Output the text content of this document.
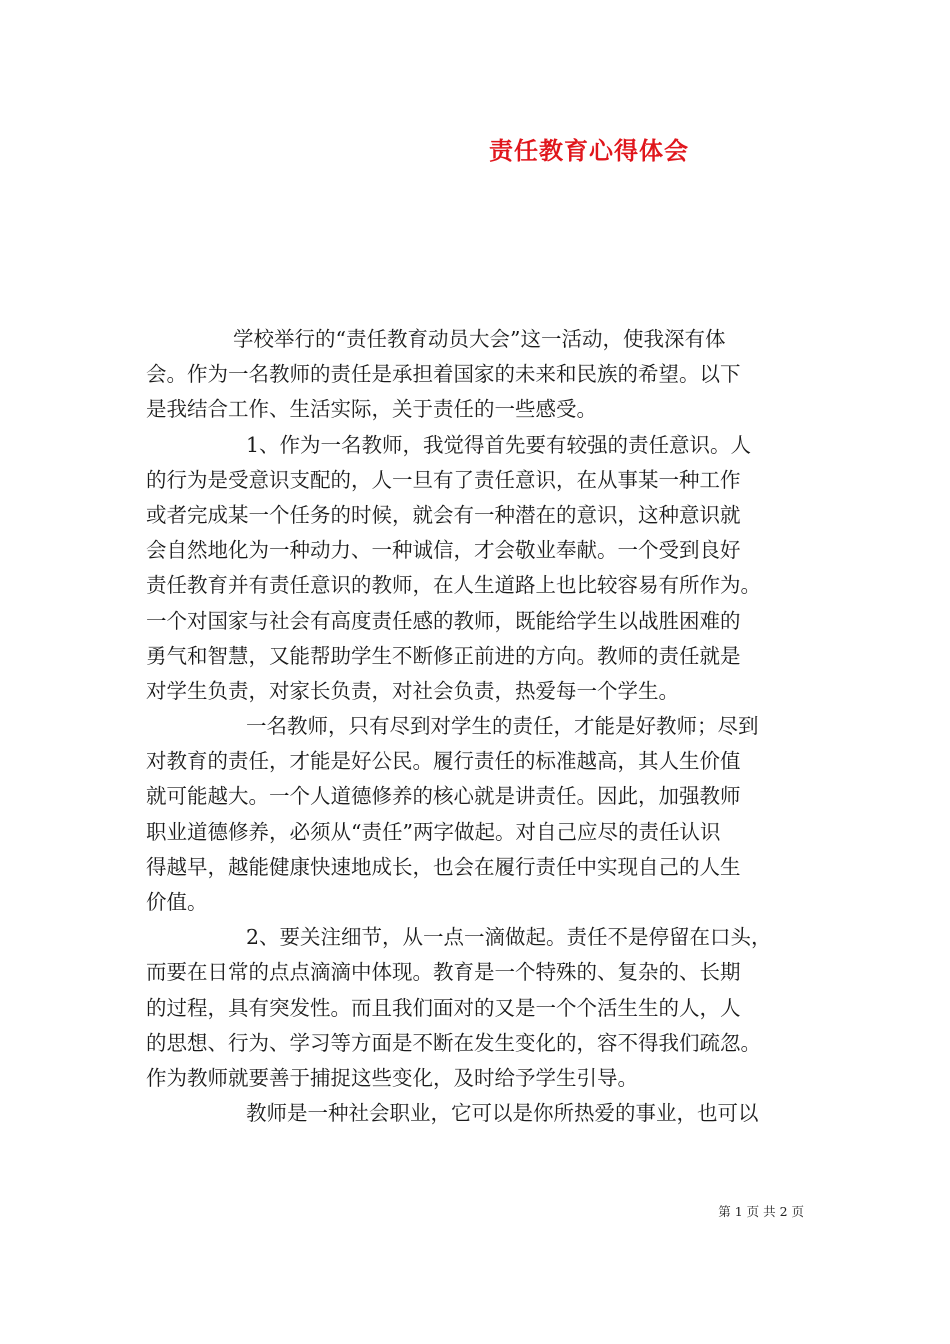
责任教育心得体会

学校举行的“责任教育动员大会”这一活动，使我深有体
会。作为一名教师的责任是承担着国家的未来和民族的希望。以下
是我结合工作、生活实际，关于责任的一些感受。

1、作为一名教师，我觉得首先要有较强的责任意识。人
的行为是受意识支配的，人一旦有了责任意识，在从事某一种工作
或者完成某一个任务的时候，就会有一种潜在的意识，这种意识就
会自然地化为一种动力、一种诚信，才会敬业奉献。一个受到良好
责任教育并有责任意识的教师，在人生道路上也比较容易有所作为。
一个对国家与社会有高度责任感的教师，既能给学生以战胜困难的
勇气和智慧，又能帮助学生不断修正前进的方向。教师的责任就是
对学生负责，对家长负责，对社会负责，热爱每一个学生。

一名教师，只有尽到对学生的责任，才能是好教师；尽到
对教育的责任，才能是好公民。履行责任的标准越高，其人生价值
就可能越大。一个人道德修养的核心就是讲责任。因此，加强教师
职业道德修养，必须从“责任”两字做起。对自己应尽的责任认识
得越早，越能健康快速地成长，也会在履行责任中实现自己的人生
价值。

2、要关注细节，从一点一滴做起。责任不是停留在口头，
而要在日常的点点滴滴中体现。教育是一个特殊的、复杂的、长期
的过程，具有突发性。而且我们面对的又是一个个活生生的人，人
的思想、行为、学习等方面是不断在发生变化的，容不得我们疏忽。
作为教师就要善于捕捉这些变化，及时给予学生引导。

教师是一种社会职业，它可以是你所热爱的事业，也可以

第 1 页 共 2 页
